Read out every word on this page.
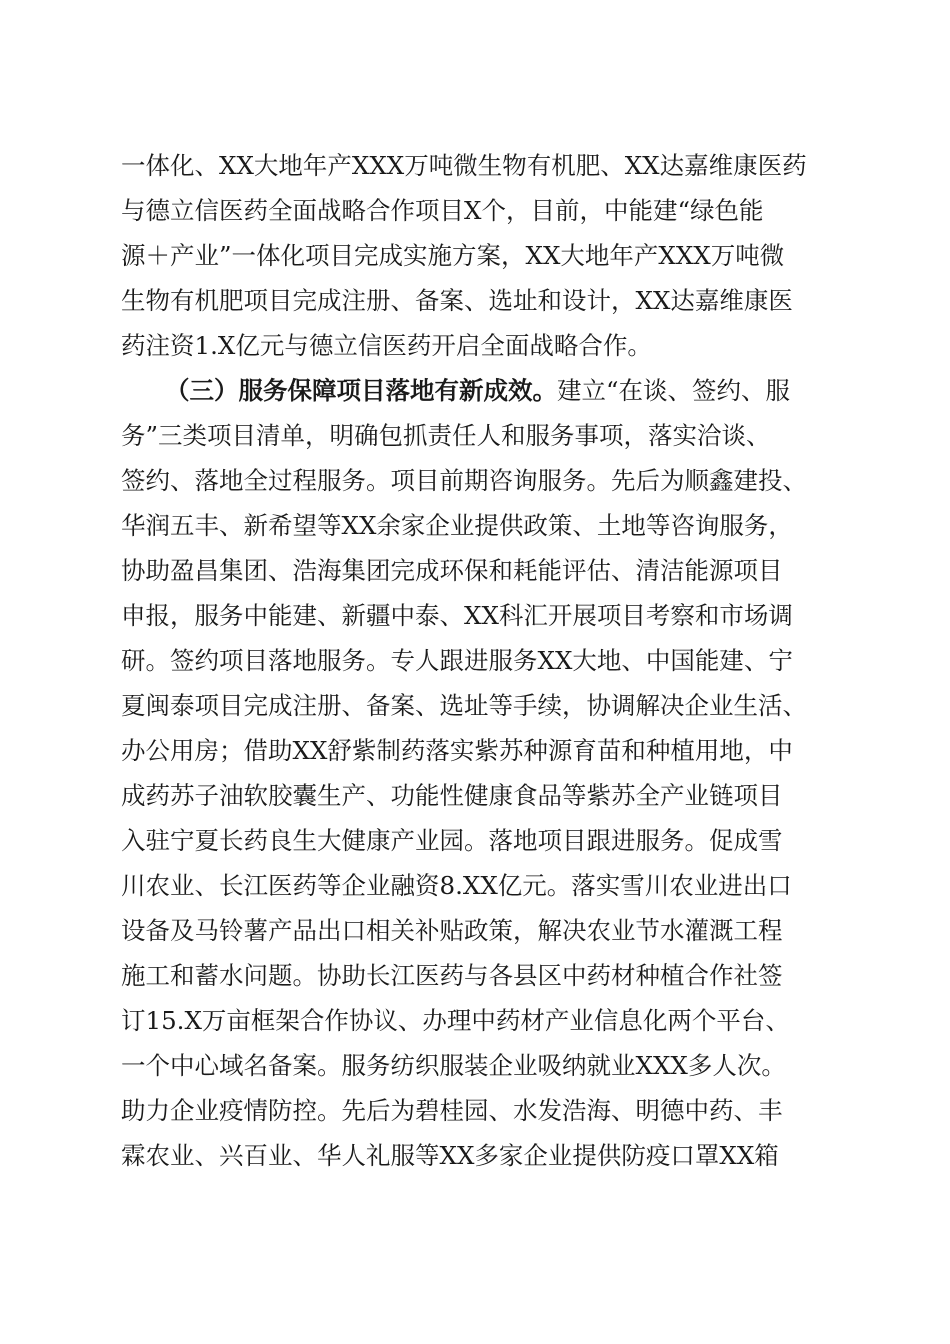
一体化、XX大地年产XXX万吨微生物有机肥、XX达嘉维康医药
与德立信医药全面战略合作项目X个，目前，中能建“绿色能
源＋产业”一体化项目完成实施方案，XX大地年产XXX万吨微
生物有机肥项目完成注册、备案、选址和设计，XX达嘉维康医
药注资1.X亿元与德立信医药开启全面战略合作。
（三）服务保障项目落地有新成效。建立“在谈、签约、服
务”三类项目清单，明确包抓责任人和服务事项，落实洽谈、
签约、落地全过程服务。项目前期咨询服务。先后为顺鑫建投、
华润五丰、新希望等XX余家企业提供政策、土地等咨询服务，
协助盈昌集团、浩海集团完成环保和耗能评估、清洁能源项目
申报，服务中能建、新疆中泰、XX科汇开展项目考察和市场调
研。签约项目落地服务。专人跟进服务XX大地、中国能建、宁
夏闽泰项目完成注册、备案、选址等手续，协调解决企业生活、
办公用房；借助XX舒紫制药落实紫苏种源育苗和种植用地，中
成药苏子油软胶囊生产、功能性健康食品等紫苏全产业链项目
入驻宁夏长药良生大健康产业园。落地项目跟进服务。促成雪
川农业、长江医药等企业融资8.XX亿元。落实雪川农业进出口
设备及马铃薯产品出口相关补贴政策，解决农业节水灌溉工程
施工和蓄水问题。协助长江医药与各县区中药材种植合作社签
订15.X万亩框架合作协议、办理中药材产业信息化两个平台、
一个中心域名备案。服务纺织服装企业吸纳就业XXX多人次。
助力企业疫情防控。先后为碧桂园、水发浩海、明德中药、丰
霖农业、兴百业、华人礼服等XX多家企业提供防疫口罩XX箱
